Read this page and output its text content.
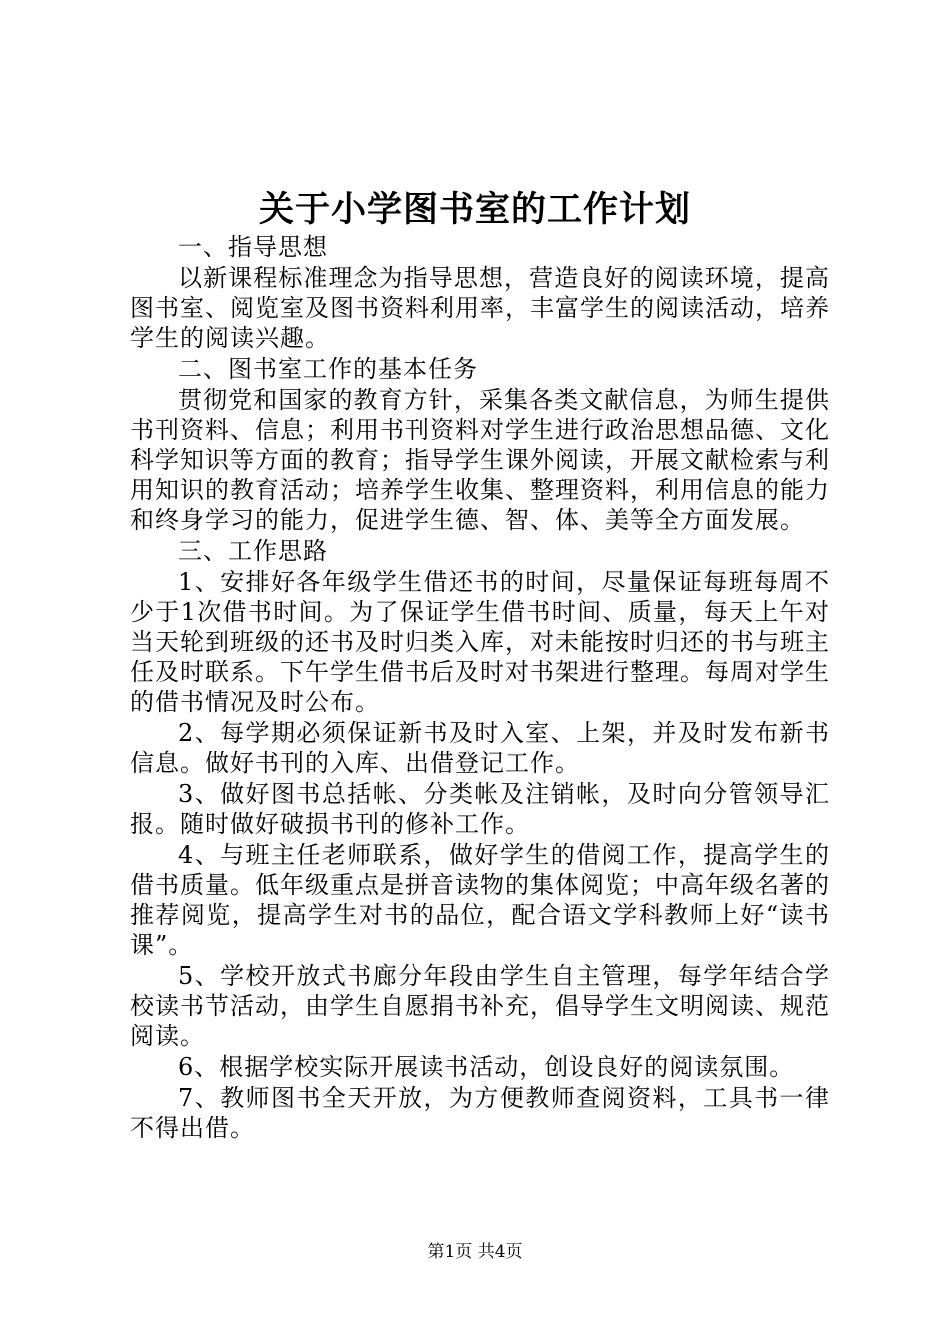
关于小学图书室的工作计划

一、指导思想

以新课程标准理念为指导思想，营造良好的阅读环境，提高图书室、阅览室及图书资料利用率，丰富学生的阅读活动，培养学生的阅读兴趣。

二、图书室工作的基本任务

贯彻党和国家的教育方针，采集各类文献信息，为师生提供书刊资料、信息；利用书刊资料对学生进行政治思想品德、文化科学知识等方面的教育；指导学生课外阅读，开展文献检索与利用知识的教育活动；培养学生收集、整理资料，利用信息的能力和终身学习的能力，促进学生德、智、体、美等全方面发展。

三、工作思路

1、安排好各年级学生借还书的时间，尽量保证每班每周不少于1次借书时间。为了保证学生借书时间、质量，每天上午对当天轮到班级的还书及时归类入库，对未能按时归还的书与班主任及时联系。下午学生借书后及时对书架进行整理。每周对学生的借书情况及时公布。

2、每学期必须保证新书及时入室、上架，并及时发布新书信息。做好书刊的入库、出借登记工作。

3、做好图书总括帐、分类帐及注销帐，及时向分管领导汇报。随时做好破损书刊的修补工作。

4、与班主任老师联系，做好学生的借阅工作，提高学生的借书质量。低年级重点是拼音读物的集体阅览；中高年级名著的推荐阅览，提高学生对书的品位，配合语文学科教师上好“读书课”。

5、学校开放式书廊分年段由学生自主管理，每学年结合学校读书节活动，由学生自愿捐书补充，倡导学生文明阅读、规范阅读。

6、根据学校实际开展读书活动，创设良好的阅读氛围。

7、教师图书全天开放，为方便教师查阅资料，工具书一律不得出借。

第1页 共4页
